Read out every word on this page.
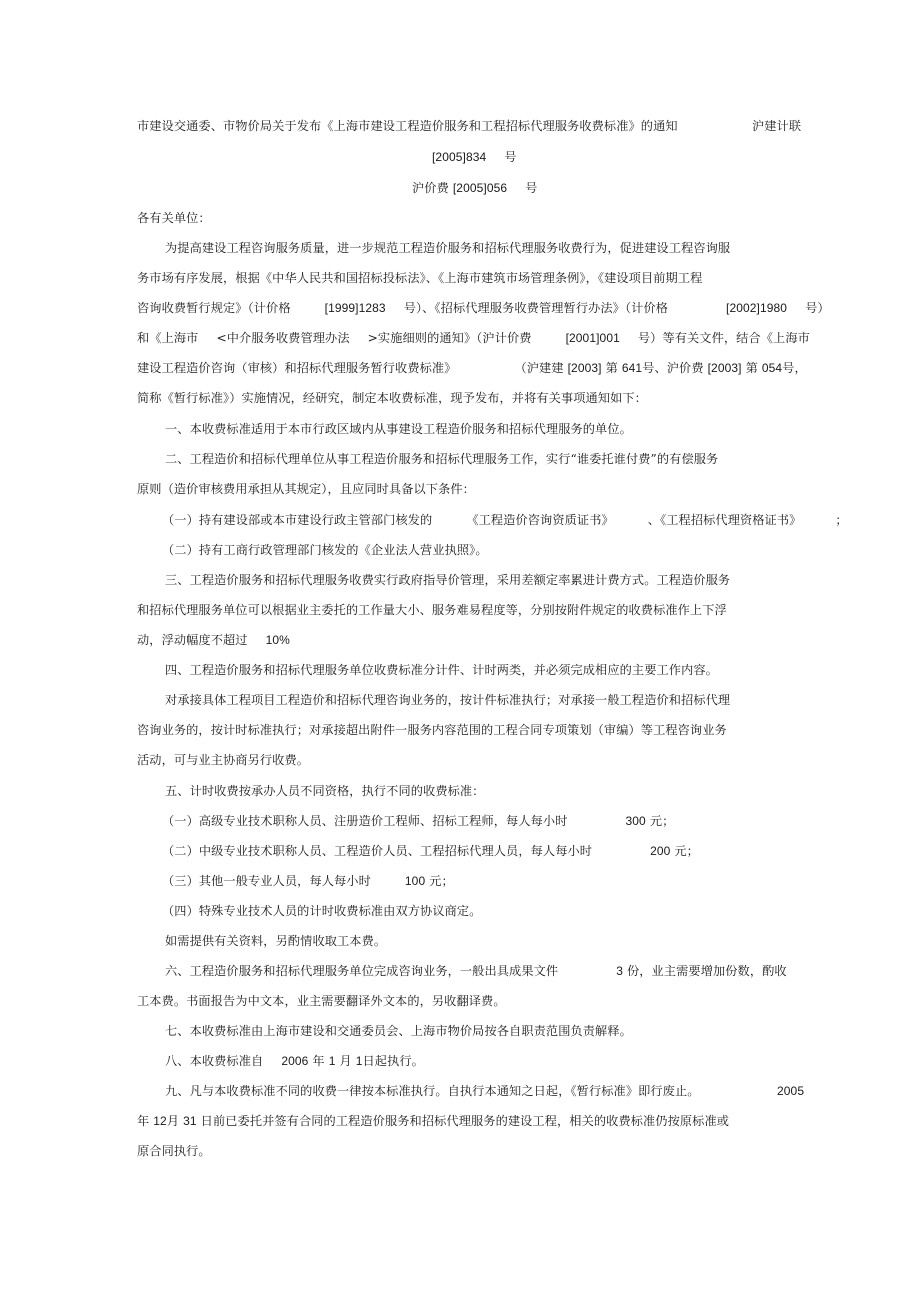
市建设交通委、市物价局关于发布《上海市建设工程造价服务和工程招标代理服务收费标准》的通知	沪建计联
[2005]834 号
沪价费 [2005]056 号
各有关单位：
为提高建设工程咨询服务质量，进一步规范工程造价服务和招标代理服务收费行为，促进建设工程咨询服
务市场有序发展，根据《中华人民共和国招标投标法》、《上海市建筑市场管理条例》，《建设项目前期工程
咨询收费暂行规定》（计价格	[1999]1283 号）、《招标代理服务收费管理暂行办法》（计价格	[2002]1980 号）
和《上海市 <中介服务收费管理办法 >实施细则的通知》（沪计价费	[2001]001 号）等有关文件，结合《上海市
建设工程造价咨询（审核）和招标代理服务暂行收费标准》	（沪建建 [2003] 第 641号、沪价费 [2003] 第 054号，
简称《暂行标准》）实施情况，经研究，制定本收费标准，现予发布，并将有关事项通知如下：
一、本收费标准适用于本市行政区域内从事建设工程造价服务和招标代理服务的单位。
二、工程造价和招标代理单位从事工程造价服务和招标代理服务工作，实行“谁委托谁付费”的有偿服务
原则（造价审核费用承担从其规定），且应同时具备以下条件：
（一）持有建设部或本市建设行政主管部门核发的	《工程造价咨询资质证书》	、《工程招标代理资格证书》	；
（二）持有工商行政管理部门核发的《企业法人营业执照》。
三、工程造价服务和招标代理服务收费实行政府指导价管理，采用差额定率累进计费方式。工程造价服务
和招标代理服务单位可以根据业主委托的工作量大小、服务难易程度等，分别按附件规定的收费标准作上下浮
动，浮动幅度不超过 10%
四、工程造价服务和招标代理服务单位收费标准分计件、计时两类，并必须完成相应的主要工作内容。
对承接具体工程项目工程造价和招标代理咨询业务的，按计件标准执行；对承接一般工程造价和招标代理
咨询业务的，按计时标准执行；对承接超出附件一服务内容范围的工程合同专项策划（审编）等工程咨询业务
活动，可与业主协商另行收费。
五、计时收费按承办人员不同资格，执行不同的收费标准：
（一）高级专业技术职称人员、注册造价工程师、招标工程师，每人每小时	300 元；
（二）中级专业技术职称人员、工程造价人员、工程招标代理人员，每人每小时	200 元；
（三）其他一般专业人员，每人每小时	100 元；
（四）特殊专业技术人员的计时收费标准由双方协议商定。
如需提供有关资料，另酌情收取工本费。
六、工程造价服务和招标代理服务单位完成咨询业务，一般出具成果文件	3 份，业主需要增加份数，酌收
工本费。书面报告为中文本，业主需要翻译外文本的，另收翻译费。
七、本收费标准由上海市建设和交通委员会、上海市物价局按各自职责范围负责解释。
八、本收费标准自 2006 年 1 月 1日起执行。
九、凡与本收费标准不同的收费一律按本标准执行。自执行本通知之日起，《暂行标准》即行废止。	2005
年 12月 31 日前已委托并签有合同的工程造价服务和招标代理服务的建设工程，相关的收费标准仍按原标准或
原合同执行。
